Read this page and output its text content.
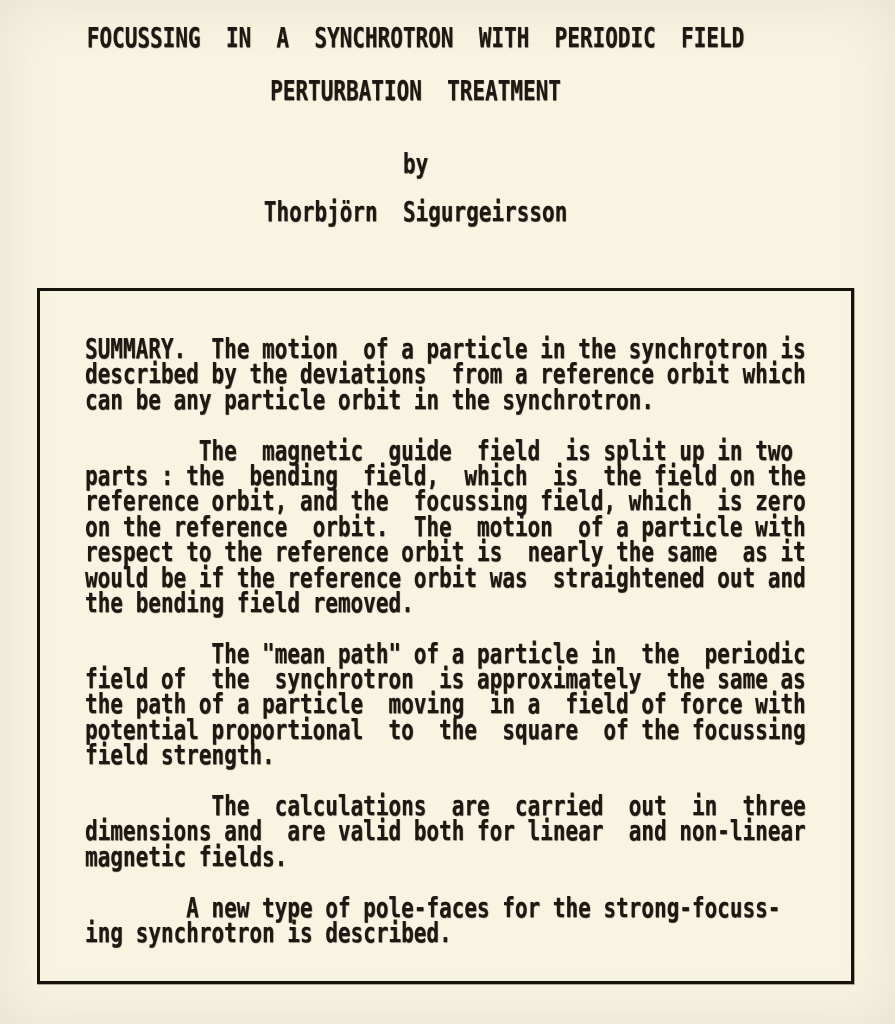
FOCUSSING  IN  A  SYNCHROTRON  WITH  PERIODIC  FIELD
PERTURBATION  TREATMENT
by
Thorbjörn  Sigurgeirsson
SUMMARY.  The motion  of a particle in the synchrotron is
described by the deviations  from a reference orbit which
can be any particle orbit in the synchrotron.
The  magnetic  guide  field  is split up in two
parts : the  bending  field,  which  is  the field on the
reference orbit, and the  focussing field, which  is zero
on the reference  orbit.  The  motion  of a particle with
respect to the reference orbit is  nearly the same  as it
would be if the reference orbit was  straightened out and
the bending field removed.
The "mean path" of a particle in  the  periodic
field of  the  synchrotron  is approximately  the same as
the path of a particle  moving  in a  field of force with
potential proportional  to  the  square  of the focussing
field strength.
The  calculations  are  carried  out  in  three
dimensions and  are valid both for linear  and non-linear
magnetic fields.
A new type of pole-faces for the strong-focuss-
ing synchrotron is described.
